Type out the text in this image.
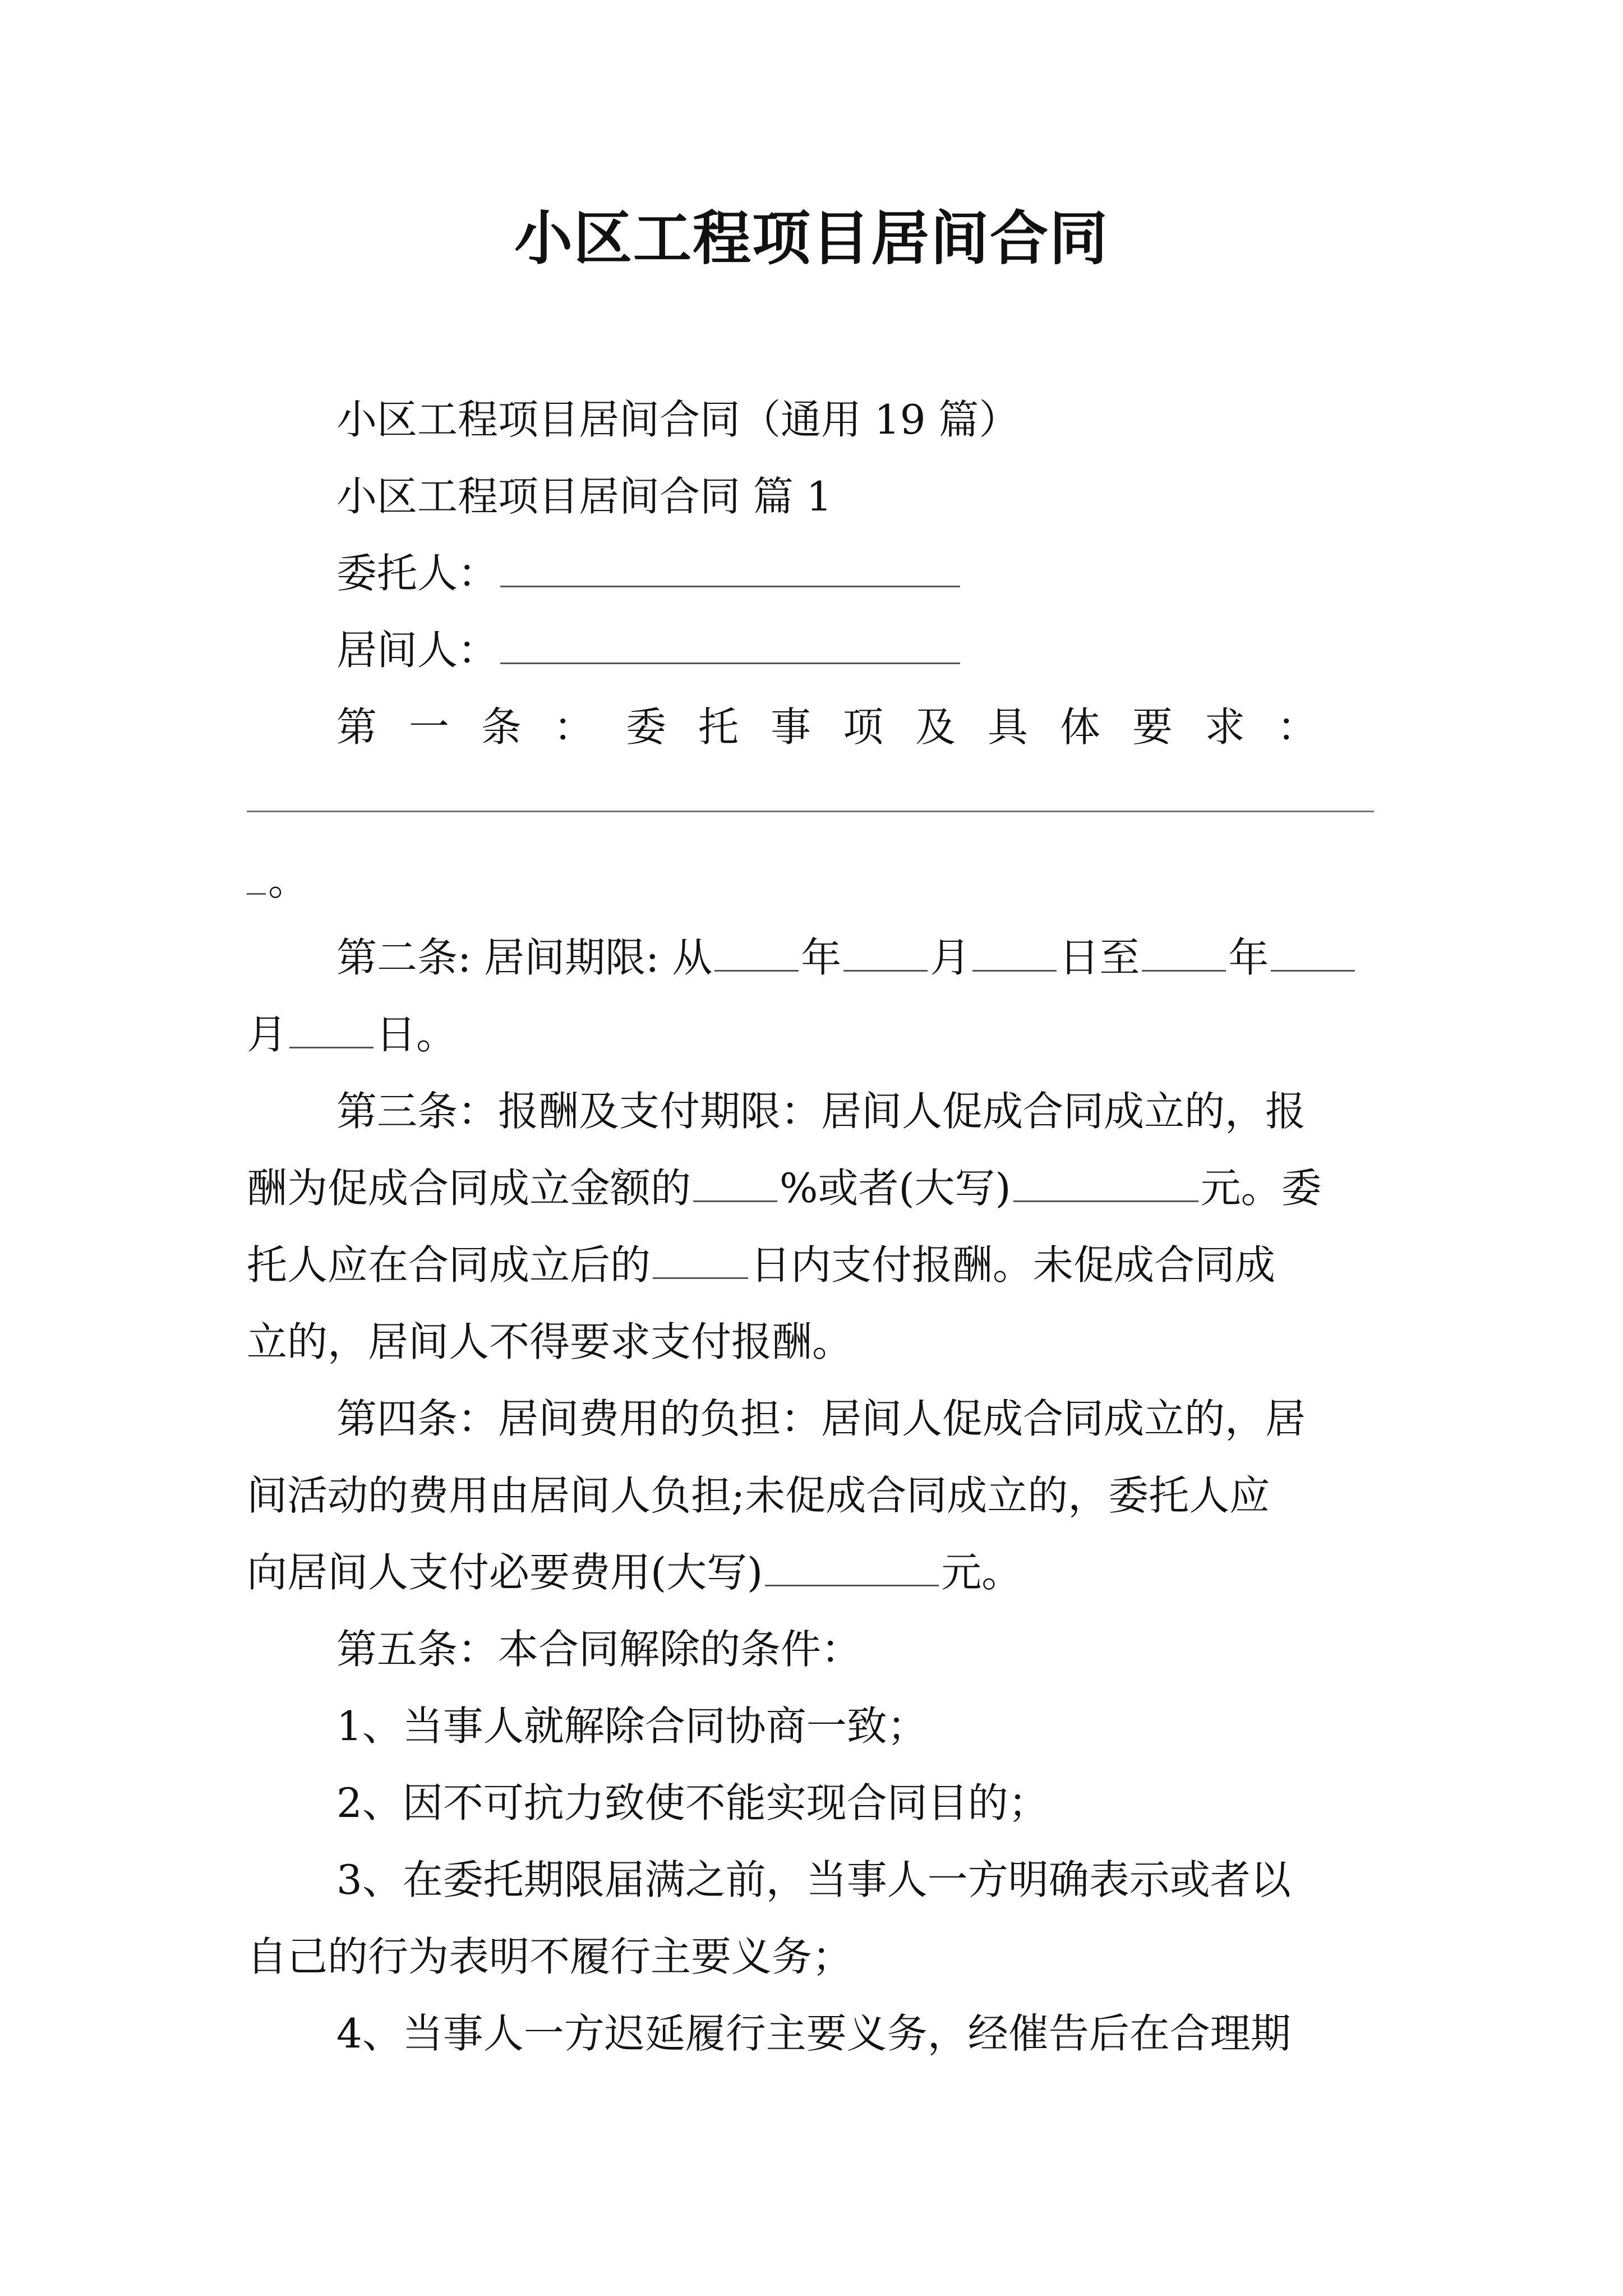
小区工程项目居间合同
小区工程项目居间合同（通用 19 篇）
小区工程项目居间合同 篇 1
委托人：
居间人：
第一条：委托事项及具体要求：
。
第二条: 居间期限: 从 年 月 日至 年
月 日。
第三条：报酬及支付期限：居间人促成合同成立的，报
酬为促成合同成立金额的 %或者(大写)	元。委
托人应在合同成立后的 日内支付报酬。未促成合同成
立的，居间人不得要求支付报酬。
第四条：居间费用的负担：居间人促成合同成立的，居
间活动的费用由居间人负担;未促成合同成立的，委托人应
向居间人支付必要费用(大写)	元。
第五条：本合同解除的条件：
1、当事人就解除合同协商一致；
2、因不可抗力致使不能实现合同目的；
3、在委托期限届满之前，当事人一方明确表示或者以
自己的行为表明不履行主要义务；
4、当事人一方迟延履行主要义务，经催告后在合理期
